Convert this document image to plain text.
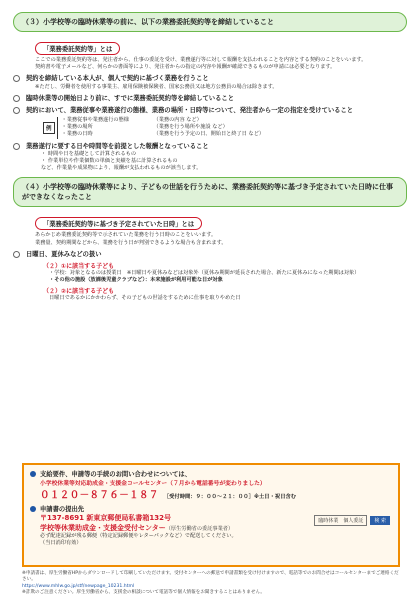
（３）小学校等の臨時休業等の前に、以下の業務委託契約等を締結していること
「業務委託契約等」とは
ここでの業務委託契約等は、発注者から、仕事の委託を受け、業務遂行等に対して報酬を支払われることを内容とする契約のことをいいます。
契約書や電子メールなど、何らかの書面等により、発注者からの指定の内容や報酬が確認できるものが申請には必要となります。
契約を締結している本人が、個人で契約に基づく業務を行うこと
※ただし、労働者を使用する事業主、雇用保険被保険者、国家公務員又は地方公務員の場合は除きます。
臨時休業等の開始日より前に、すでに業務委託契約等を締結していること
契約において、業務従事や業務遂行の態様、業務の場所・日時等について、発注者から一定の指定を受けていること
例
・業務従事や業務遂行の態様	（業務の内容 など）
・業務の場所	（業務を行う場所や施設 など）
・業務の日時	（業務を行う予定の日、開始日と終了日 など）
業務遂行に要する日や時間等を前提とした報酬となっていること
・ 時間や日を基礎として計算されるもの
・ 作業単位や作業個数の単価と実績を基に計算されるもの
など、作業量や成果物により、報酬が支払われるものが該当します。
（４）小学校等の臨時休業等により、子どもの世話を行うために、業務委託契約等に基づき予定されていた日時に仕事ができなくなったこと
「業務委託契約等に基づき予定されていた日時」とは
あらかじめ業務委託契約等で示されていた業務を行う日時のことをいいます。
業務量、契約期間などから、業務を行う日が判別できるような場合も含まれます。
日曜日、夏休みなどの扱い
（２）①に該当する子ども
・学校：対象となるのは授業日　※日曜日や夏休みなどは対象外（夏休み期間が延長された場合、新たに夏休みになった期間は対象）
・その他の施設（放課後児童クラブなど）：本来施設が利用可能な日が対象
（２）②に該当する子ども
日曜日であるかにかかわらず、その子どもの世話をするために仕事を取りやめた日
支給要件、申請等の手続のお問い合わせについては、
小学校休業等対応助成金・支援金コールセンター（７月から電話番号が変わりました）
０１２０－８７６－１８７ ［受付時間：９：００～２１：００］※土日・祝日含む
申請書の提出先
〒137-8691 新東京郵便局私書箱132号
学校等休業助成金・支援金受付センター（厚生労働省の委託事業者）
必ず配達記録が残る郵便（特定記録郵便やレターパックなど）で配送してください。
（当日消印有効）
臨時休業　個人委託	検 索
※申請書は、厚生労働省HPからダウンロードして印刷していただけます。受付センターへの郵送で申請書類を受け付けますので、電話等でのお問合せはコールセンターまでご連絡ください。
https://www.mhlw.go.jp/stf/newpage_10231.html
※詐欺のご注意ください。厚生労働省から、支援金の相談について電話等で個人情報をお聞きすることはありません。
